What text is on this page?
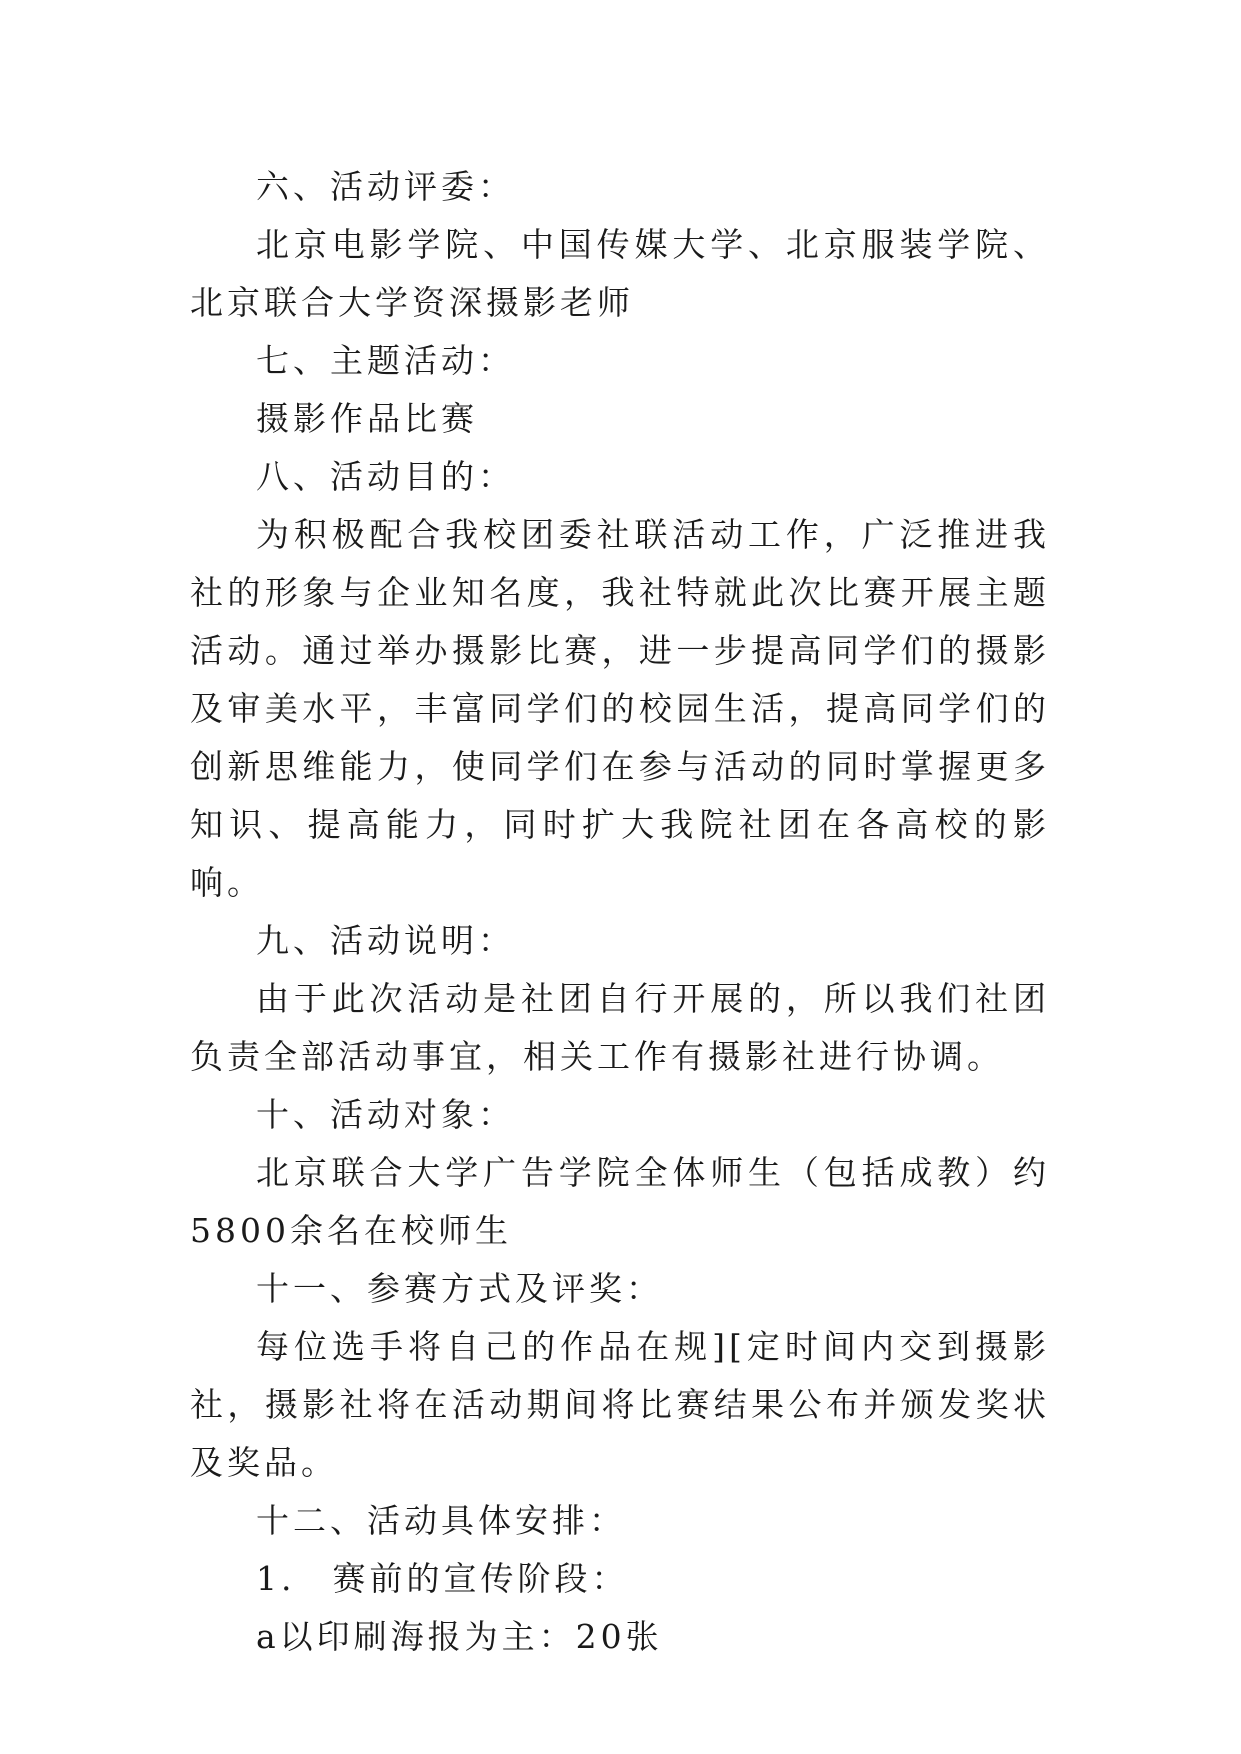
六、活动评委：

北京电影学院、中国传媒大学、北京服装学院、北京联合大学资深摄影老师

七、主题活动：

摄影作品比赛

八、活动目的：

为积极配合我校团委社联活动工作，广泛推进我社的形象与企业知名度，我社特就此次比赛开展主题活动。通过举办摄影比赛，进一步提高同学们的摄影及审美水平，丰富同学们的校园生活，提高同学们的创新思维能力，使同学们在参与活动的同时掌握更多知识、提高能力，同时扩大我院社团在各高校的影响。

九、活动说明：

由于此次活动是社团自行开展的，所以我们社团负责全部活动事宜，相关工作有摄影社进行协调。

十、活动对象：

北京联合大学广告学院全体师生（包括成教）约5800余名在校师生

十一、参赛方式及评奖：

每位选手将自己的作品在规][定时间内交到摄影社，摄影社将在活动期间将比赛结果公布并颁发奖状及奖品。

十二、活动具体安排：

1.　赛前的宣传阶段：

a以印刷海报为主：20张
